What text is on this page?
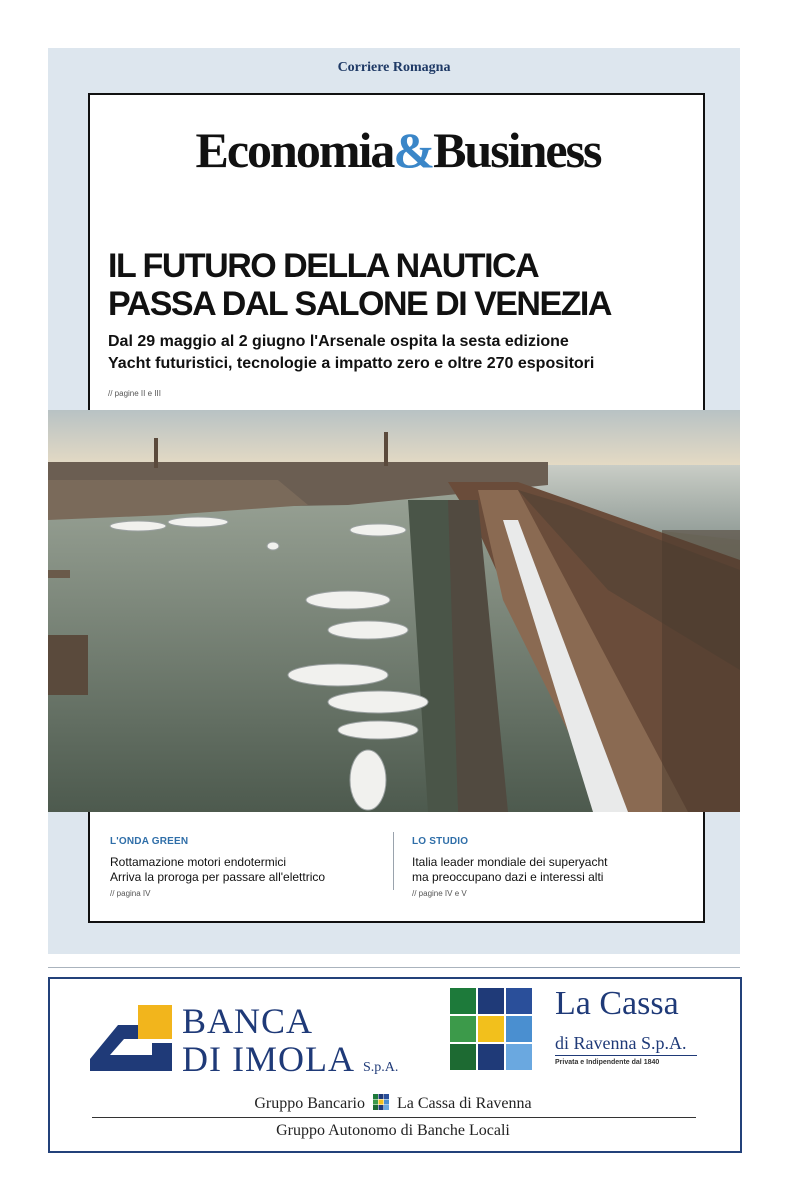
Corriere Romagna
Economia&Business
IL FUTURO DELLA NAUTICA
PASSA DAL SALONE DI VENEZIA
Dal 29 maggio al 2 giugno l'Arsenale ospita la sesta edizione
Yacht futuristici, tecnologie a impatto zero e oltre 270 espositori
// pagine II e III
L'ONDA GREEN
Rottamazione motori endotermici
Arriva la proroga per passare all'elettrico
// pagina IV
LO STUDIO
Italia leader mondiale dei superyacht
ma preoccupano dazi e interessi alti
// pagine IV e V
BANCA
DI IMOLA S.p.A.
La Cassa
di Ravenna S.p.A.
Privata e Indipendente dal 1840
Gruppo Bancario La Cassa di Ravenna
Gruppo Autonomo di Banche Locali
